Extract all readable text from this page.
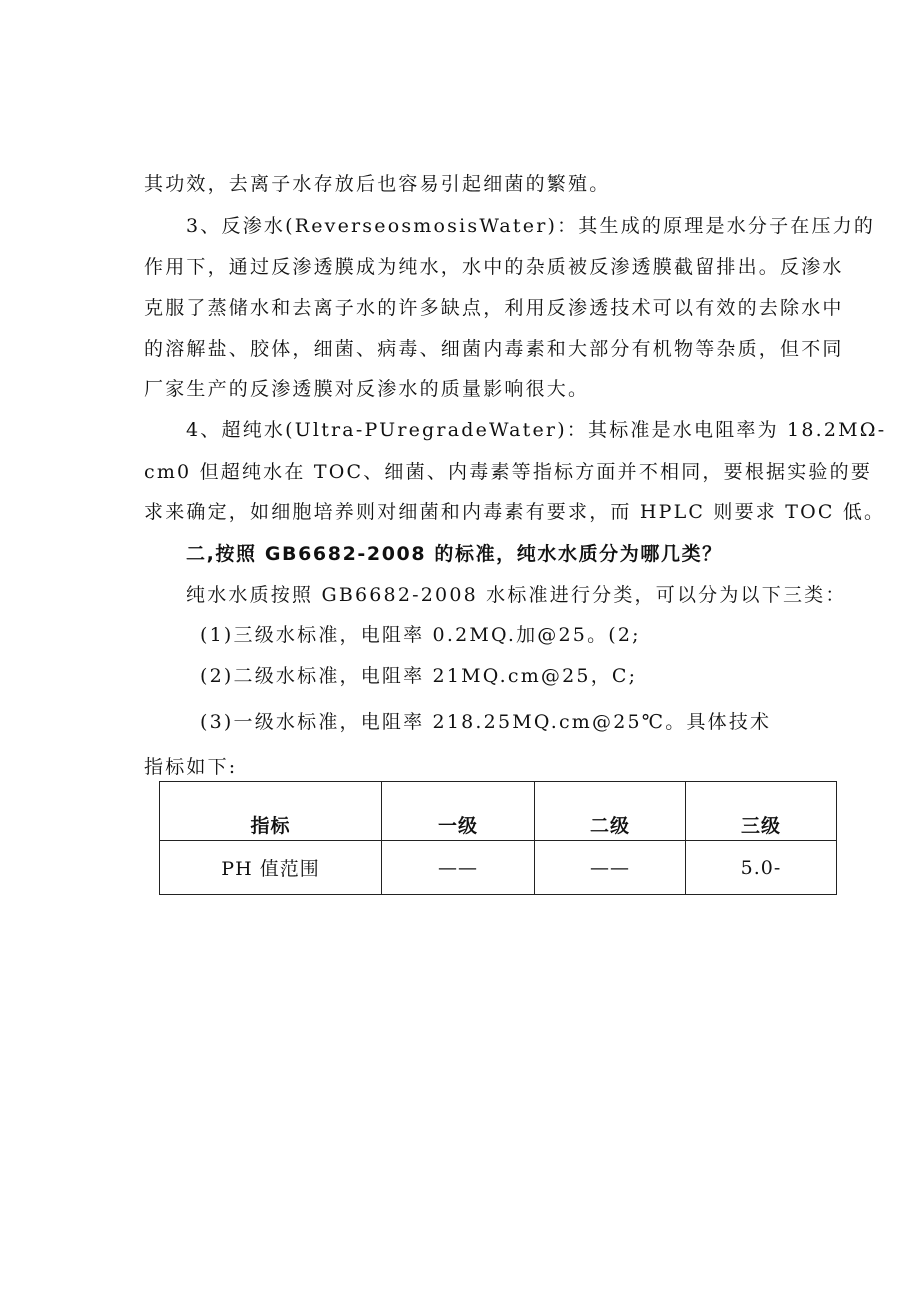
其功效，去离子水存放后也容易引起细菌的繁殖。
3、反渗水(ReverseosmosisWater)：其生成的原理是水分子在压力的
作用下，通过反渗透膜成为纯水，水中的杂质被反渗透膜截留排出。反渗水
克服了蒸储水和去离子水的许多缺点，利用反渗透技术可以有效的去除水中
的溶解盐、胶体，细菌、病毒、细菌内毒素和大部分有机物等杂质，但不同
厂家生产的反渗透膜对反渗水的质量影响很大。
4、超纯水(Ultra-PUregradeWater)：其标准是水电阻率为 18.2MΩ-
cm0 但超纯水在 TOC、细菌、内毒素等指标方面并不相同，要根据实验的要
求来确定，如细胞培养则对细菌和内毒素有要求，而 HPLC 则要求 TOC 低。
二,按照 GB6682-2008 的标准，纯水水质分为哪几类？
纯水水质按照 GB6682-2008 水标准进行分类，可以分为以下三类：
(1)三级水标准，电阻率 0.2MQ.加@25。(2;
(2)二级水标准，电阻率 21MQ.cm@25，C;
(3)一级水标准，电阻率 218.25MQ.cm@25℃。具体技术
指标如下:
指标	一级	二级	三级
PH 值范围	——	——	5.0-
